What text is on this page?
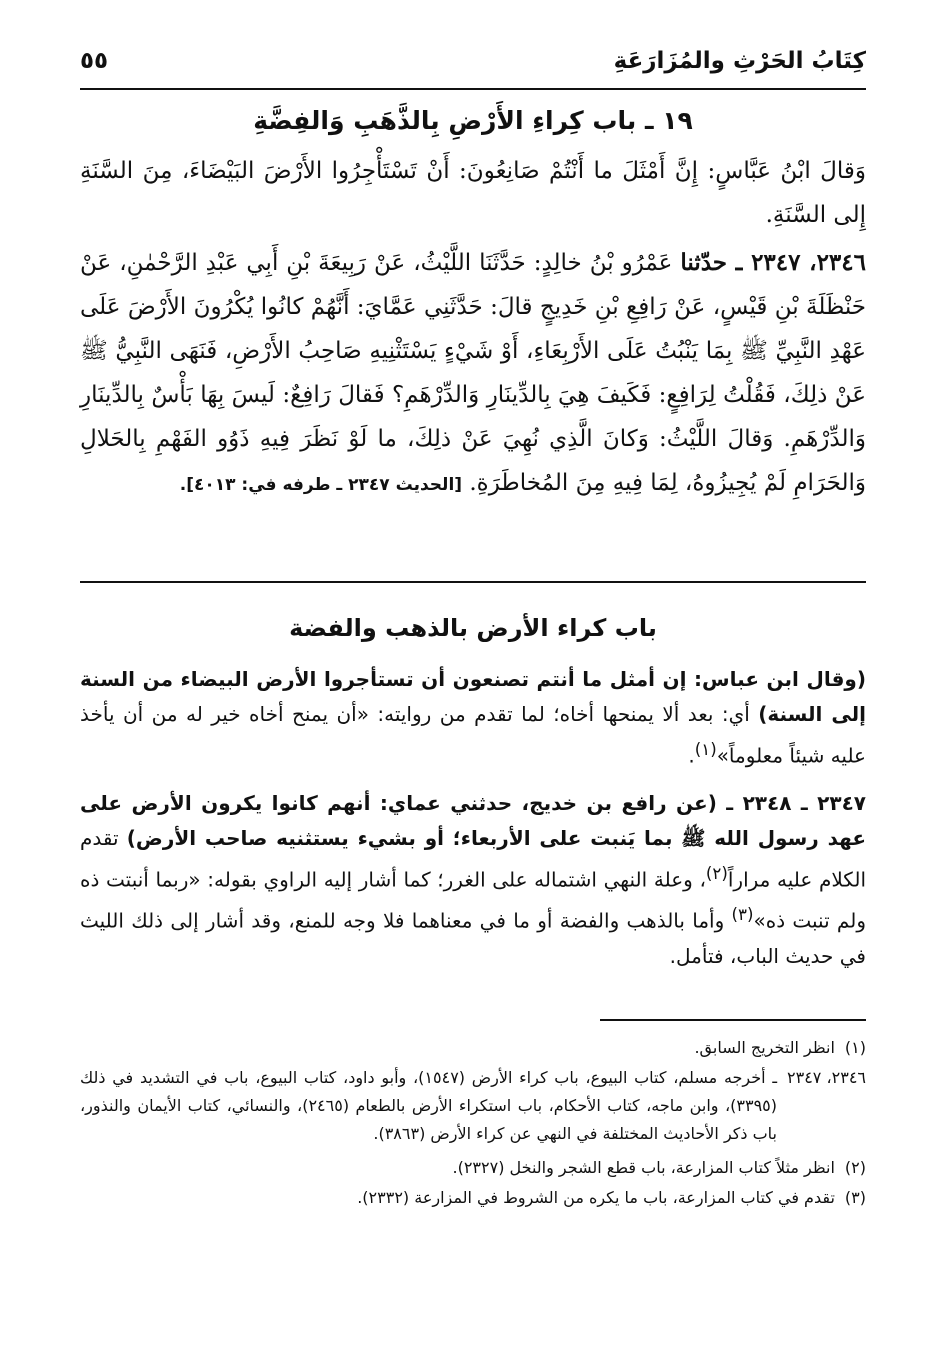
كِتَابُ الحَرْثِ والمُزَارَعَةِ
٥٥
١٩ ـ باب كِراءِ الأَرْضِ بِالذَّهَبِ وَالفِضَّةِ

وَقالَ ابْنُ عَبَّاسٍ: إِنَّ أَمْثَلَ ما أَنْتُمْ صَانِعُونَ: أَنْ تَسْتَأْجِرُوا الأَرْضَ البَيْضَاءَ، مِنَ السَّنَةِ إِلى السَّنَةِ.

٢٣٤٦، ٢٣٤٧ ـ حدّثنا عَمْرُو بْنُ خالِدٍ: حَدَّثَنَا اللَّيْثُ، عَنْ رَبِيعَةَ بْنِ أَبِي عَبْدِ الرَّحْمٰنِ، عَنْ حَنْظَلَةَ بْنِ قَيْسٍ، عَنْ رَافِعِ بْنِ خَدِيجٍ قالَ: حَدَّثَنِي عَمَّايَ: أَنَّهُمْ كانُوا يُكْرُونَ الأَرْضَ عَلَى عَهْدِ النَّبِيِّ ﷺ بِمَا يَنْبُتُ عَلَى الأَرْبِعَاءِ، أَوْ شَيْءٍ يَسْتَثْنِيهِ صَاحِبُ الأَرْضِ، فَنَهَى النَّبِيُّ ﷺ عَنْ ذلِكَ، فَقُلْتُ لِرَافِعٍ: فَكَيفَ هِيَ بِالدِّينَارِ وَالدِّرْهَمِ؟ فَقالَ رَافِعٌ: لَيسَ بِهَا بَأْسٌ بِالدِّينَارِ وَالدِّرْهَمِ. وَقالَ اللَّيْثُ: وَكانَ الَّذِي نُهِيَ عَنْ ذلِكَ، ما لَوْ نَظَرَ فِيهِ ذَوُو الفَهْمِ بِالحَلالِ وَالحَرَامِ لَمْ يُجِيزُوهُ، لِمَا فِيهِ مِنَ المُخاطَرَةِ. [الحديث ٢٣٤٧ ـ طرفه في: ٤٠١٣].

باب كراء الأرض بالذهب والفضة

(وقال ابن عباس: إن أمثل ما أنتم تصنعون أن تستأجروا الأرض البيضاء من السنة إلى السنة) أي: بعد ألا يمنحها أخاه؛ لما تقدم من روايته: «أن يمنح أخاه خير له من أن يأخذ عليه شيئاً معلوماً»$^{(١)}$.

٢٣٤٧ ـ ٢٣٤٨ ـ (عن رافع بن خديج، حدثني عماي: أنهم كانوا يكرون الأرض على عهد رسول الله ﷺ بما يَنبت على الأربعاء؛ أو بشيء يستثنيه صاحب الأرض) تقدم الكلام عليه مراراً$^{(٢)}$، وعلة النهي اشتماله على الغرر؛ كما أشار إليه الراوي بقوله: «ربما أنبتت ذه ولم تنبت ذه»$^{(٣)}$ وأما بالذهب والفضة أو ما في معناهما فلا وجه للمنع، وقد أشار إلى ذلك الليث في حديث الباب، فتأمل.

(١)
انظر التخريج السابق.
٢٣٤٦، ٢٣٤٧
ـ أخرجه مسلم، كتاب البيوع، باب كراء الأرض (١٥٤٧)، وأبو داود، كتاب البيوع، باب في التشديد في ذلك (٣٣٩٥)، وابن ماجه، كتاب الأحكام، باب استكراء الأرض بالطعام (٢٤٦٥)، والنسائي، كتاب الأيمان والنذور، باب ذكر الأحاديث المختلفة في النهي عن كراء الأرض (٣٨٦٣).
(٢)
انظر مثلاً كتاب المزارعة، باب قطع الشجر والنخل (٢٣٢٧).
(٣)
تقدم في كتاب المزارعة، باب ما يكره من الشروط في المزارعة (٢٣٣٢).
